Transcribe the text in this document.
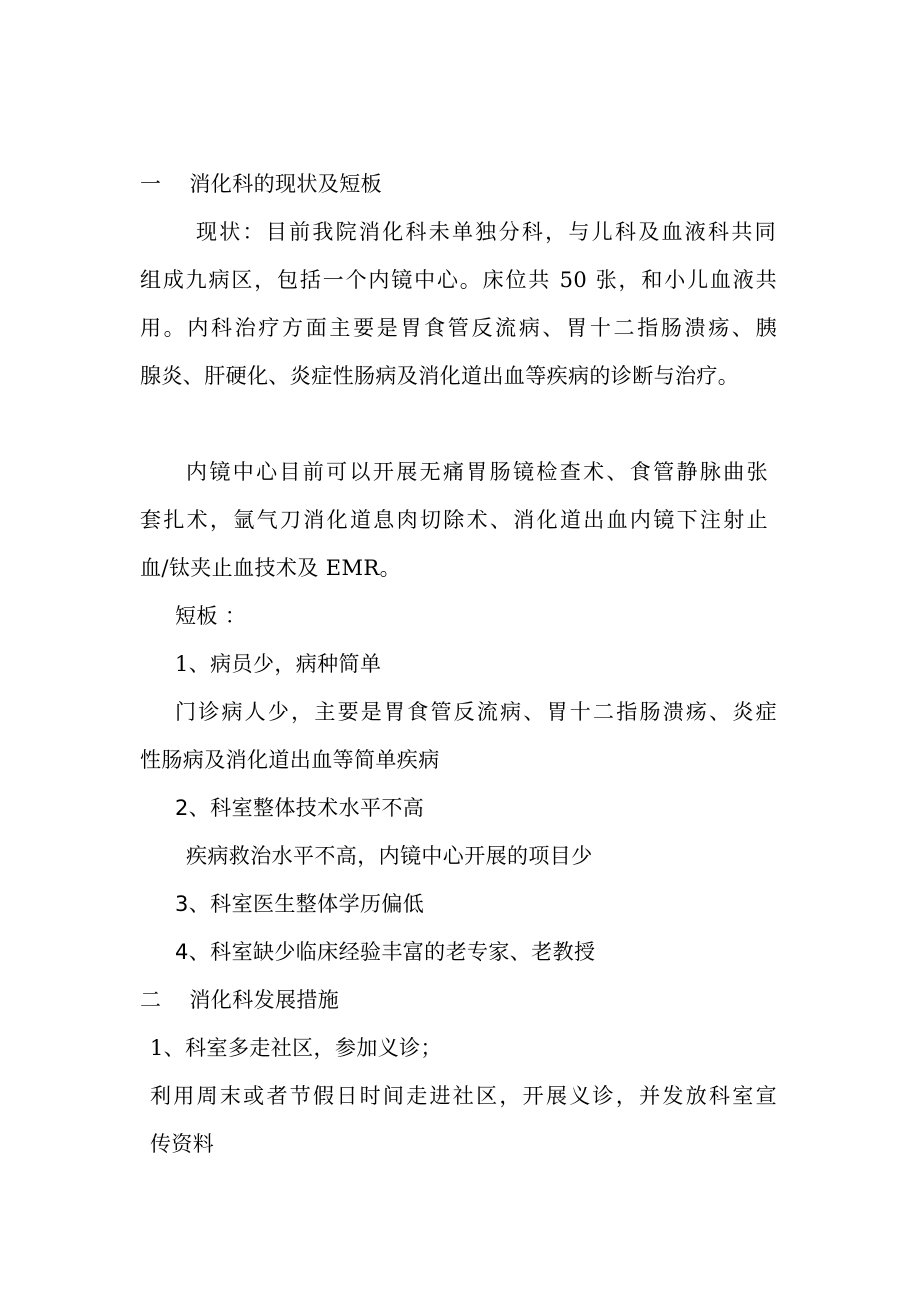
一 消化科的现状及短板
现状：目前我院消化科未单独分科，与儿科及血液科共同
组成九病区，包括一个内镜中心。床位共 50 张，和小儿血液共
用。内科治疗方面主要是胃食管反流病、胃十二指肠溃疡、胰
腺炎、肝硬化、炎症性肠病及消化道出血等疾病的诊断与治疗。
内镜中心目前可以开展无痛胃肠镜检查术、食管静脉曲张
套扎术，氩气刀消化道息肉切除术、消化道出血内镜下注射止
血/钛夹止血技术及 EMR。
短板 ：
1、病员少，病种简单
门诊病人少，主要是胃食管反流病、胃十二指肠溃疡、炎症
性肠病及消化道出血等简单疾病
2、科室整体技术水平不高
疾病救治水平不高，内镜中心开展的项目少
3、科室医生整体学历偏低
4、科室缺少临床经验丰富的老专家、老教授
二 消化科发展措施
1、科室多走社区，参加义诊；
利用周末或者节假日时间走进社区，开展义诊，并发放科室宣
传资料
